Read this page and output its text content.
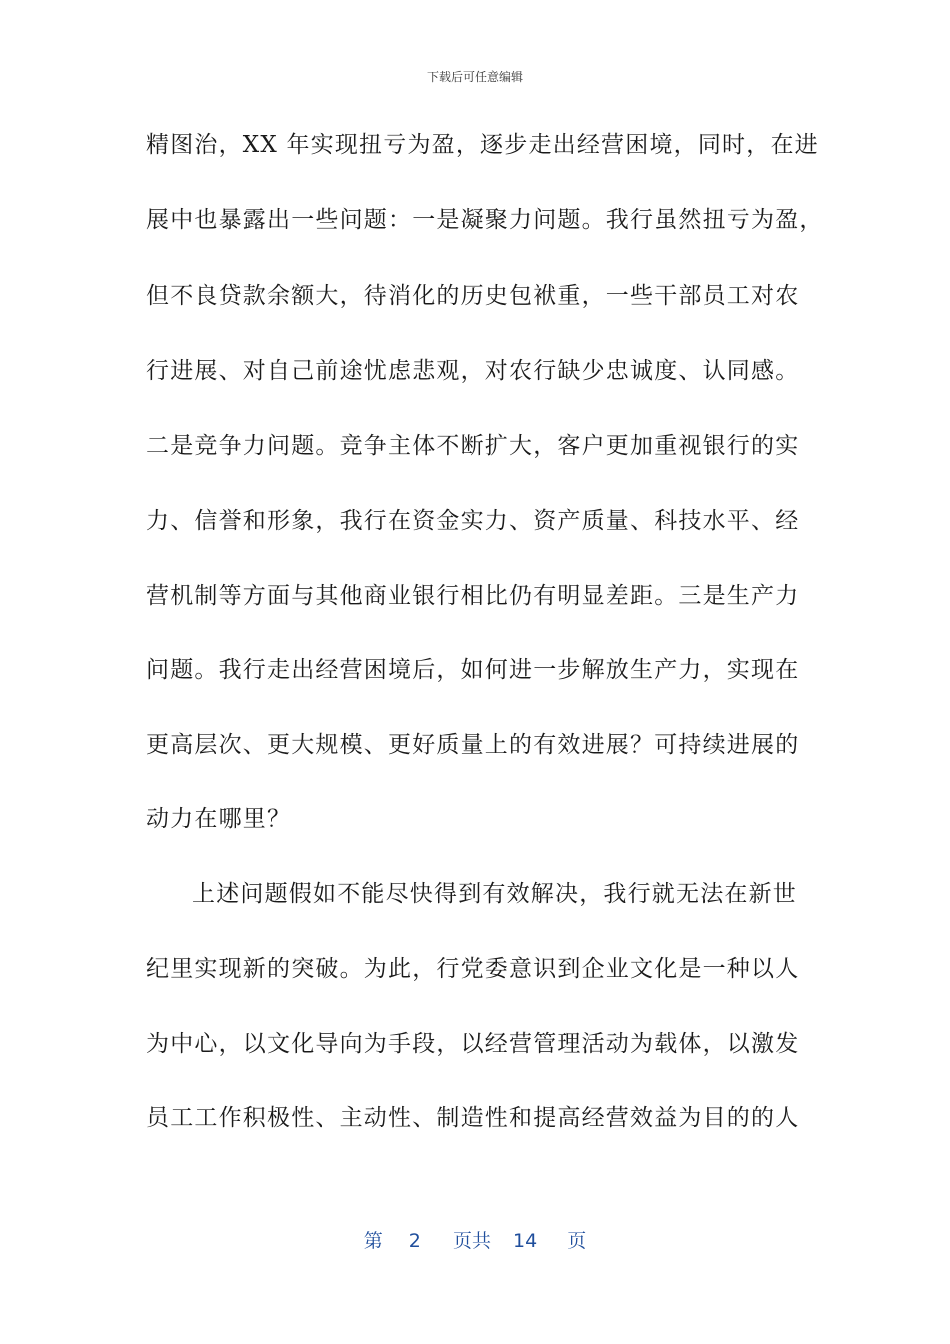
下载后可任意编辑
精图治，XX 年实现扭亏为盈，逐步走出经营困境，同时，在进
展中也暴露出一些问题：一是凝聚力问题。我行虽然扭亏为盈，
但不良贷款余额大，待消化的历史包袱重，一些干部员工对农
行进展、对自己前途忧虑悲观，对农行缺少忠诚度、认同感。
二是竞争力问题。竞争主体不断扩大，客户更加重视银行的实
力、信誉和形象，我行在资金实力、资产质量、科技水平、经
营机制等方面与其他商业银行相比仍有明显差距。三是生产力
问题。我行走出经营困境后，如何进一步解放生产力，实现在
更高层次、更大规模、更好质量上的有效进展？可持续进展的
动力在哪里？
上述问题假如不能尽快得到有效解决，我行就无法在新世
纪里实现新的突破。为此，行党委意识到企业文化是一种以人
为中心，以文化导向为手段，以经营管理活动为载体，以激发
员工工作积极性、主动性、制造性和提高经营效益为目的的人
第 2 页共 14 页
